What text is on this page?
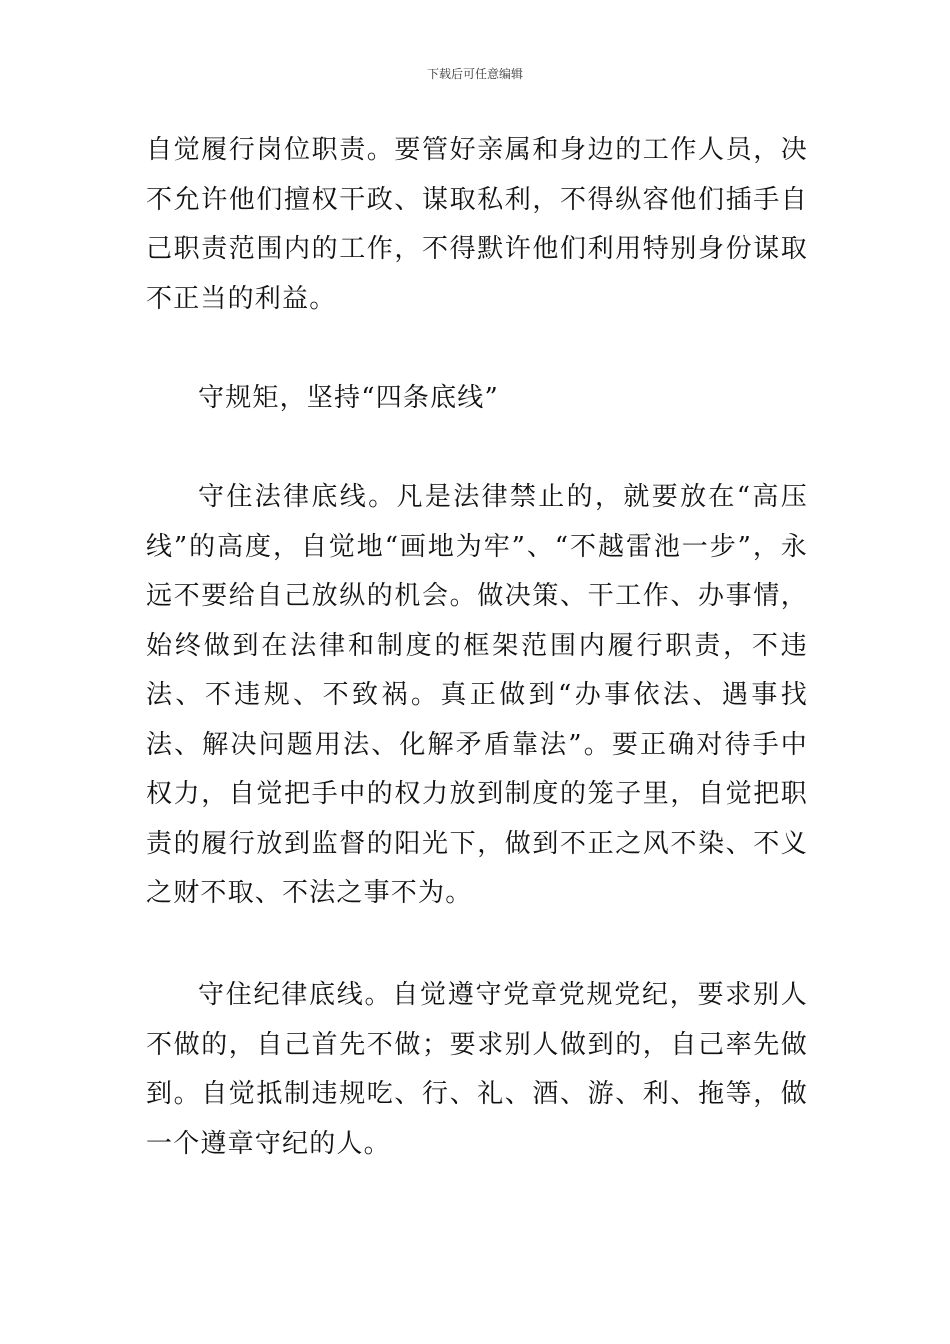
下载后可任意编辑

自觉履行岗位职责。要管好亲属和身边的工作人员，决不允许他们擅权干政、谋取私利，不得纵容他们插手自己职责范围内的工作，不得默许他们利用特别身份谋取不正当的利益。

守规矩，坚持“四条底线”

守住法律底线。凡是法律禁止的，就要放在“高压线”的高度，自觉地“画地为牢”、“不越雷池一步”，永远不要给自己放纵的机会。做决策、干工作、办事情，始终做到在法律和制度的框架范围内履行职责，不违法、不违规、不致祸。真正做到“办事依法、遇事找法、解决问题用法、化解矛盾靠法”。要正确对待手中权力，自觉把手中的权力放到制度的笼子里，自觉把职责的履行放到监督的阳光下，做到不正之风不染、不义之财不取、不法之事不为。

守住纪律底线。自觉遵守党章党规党纪，要求别人不做的，自己首先不做；要求别人做到的，自己率先做到。自觉抵制违规吃、行、礼、酒、游、利、拖等，做一个遵章守纪的人。
